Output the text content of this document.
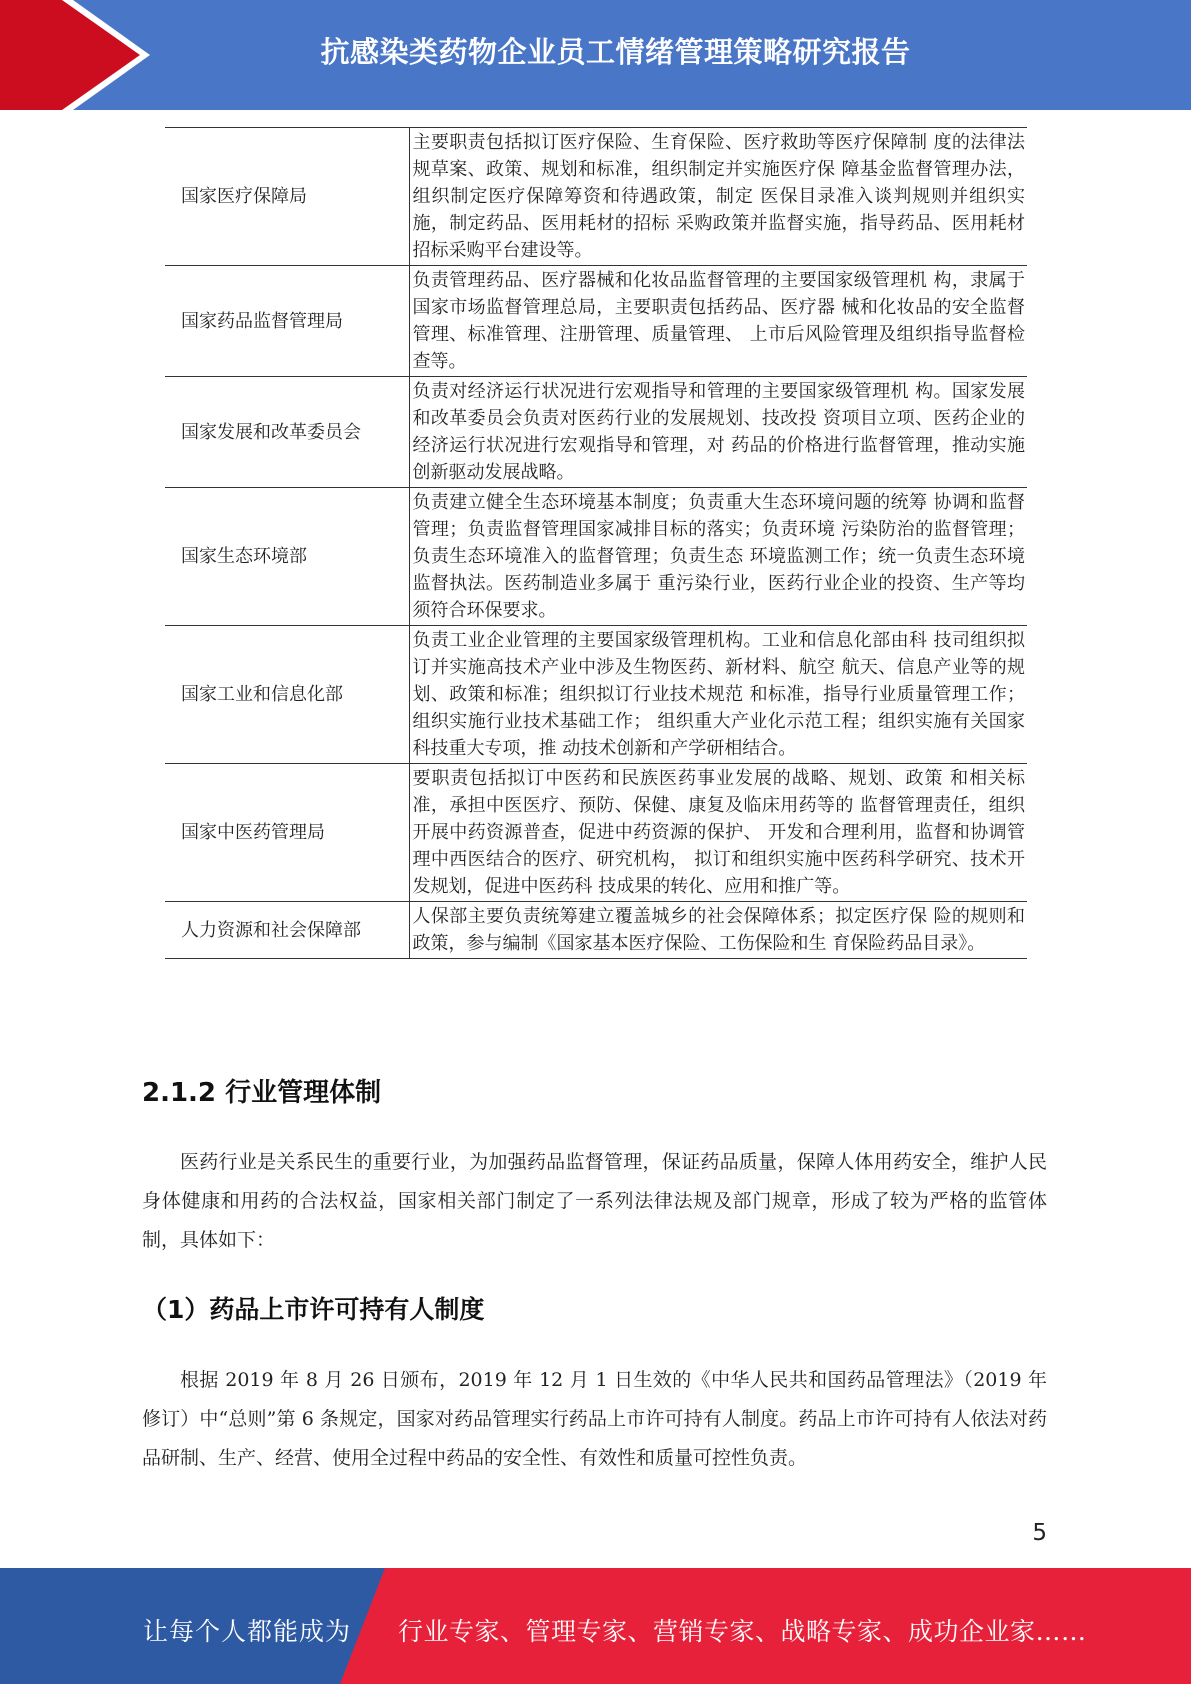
抗感染类药物企业员工情绪管理策略研究报告
国家医疗保障局	主要职责包括拟订医疗保险、生育保险、医疗救助等医疗保障制 度的法律法规草案、政策、规划和标准，组织制定并实施医疗保 障基金监督管理办法，组织制定医疗保障筹资和待遇政策，制定 医保目录准入谈判规则并组织实施，制定药品、医用耗材的招标 采购政策并监督实施，指导药品、医用耗材招标采购平台建设等。
国家药品监督管理局	负责管理药品、医疗器械和化妆品监督管理的主要国家级管理机 构，隶属于国家市场监督管理总局，主要职责包括药品、医疗器 械和化妆品的安全监督管理、标准管理、注册管理、质量管理、 上市后风险管理及组织指导监督检查等。
国家发展和改革委员会	负责对经济运行状况进行宏观指导和管理的主要国家级管理机 构。国家发展和改革委员会负责对医药行业的发展规划、技改投 资项目立项、医药企业的经济运行状况进行宏观指导和管理，对 药品的价格进行监督管理，推动实施创新驱动发展战略。
国家生态环境部	负责建立健全生态环境基本制度；负责重大生态环境问题的统筹 协调和监督管理；负责监督管理国家减排目标的落实；负责环境 污染防治的监督管理；负责生态环境准入的监督管理；负责生态 环境监测工作；统一负责生态环境监督执法。医药制造业多属于 重污染行业，医药行业企业的投资、生产等均须符合环保要求。
国家工业和信息化部	负责工业企业管理的主要国家级管理机构。工业和信息化部由科 技司组织拟订并实施高技术产业中涉及生物医药、新材料、航空 航天、信息产业等的规划、政策和标准；组织拟订行业技术规范 和标准，指导行业质量管理工作；组织实施行业技术基础工作； 组织重大产业化示范工程；组织实施有关国家科技重大专项，推 动技术创新和产学研相结合。
国家中医药管理局	要职责包括拟订中医药和民族医药事业发展的战略、规划、政策 和相关标准，承担中医医疗、预防、保健、康复及临床用药等的 监督管理责任，组织开展中药资源普查，促进中药资源的保护、 开发和合理利用，监督和协调管理中西医结合的医疗、研究机构， 拟订和组织实施中医药科学研究、技术开发规划，促进中医药科 技成果的转化、应用和推广等。
人力资源和社会保障部	人保部主要负责统筹建立覆盖城乡的社会保障体系；拟定医疗保 险的规则和政策，参与编制《国家基本医疗保险、工伤保险和生 育保险药品目录》。
2.1.2 行业管理体制

医药行业是关系民生的重要行业，为加强药品监督管理，保证药品质量，保障人体用药安全，维护人民身体健康和用药的合法权益，国家相关部门制定了一系列法律法规及部门规章，形成了较为严格的监管体制，具体如下：

（1）药品上市许可持有人制度

根据 2019 年 8 月 26 日颁布，2019 年 12 月 1 日生效的《中华人民共和国药品管理法》（2019 年修订）中“总则”第 6 条规定，国家对药品管理实行药品上市许可持有人制度。药品上市许可持有人依法对药品研制、生产、经营、使用全过程中药品的安全性、有效性和质量可控性负责。

5
让每个人都能成为 行业专家、管理专家、营销专家、战略专家、成功企业家……
